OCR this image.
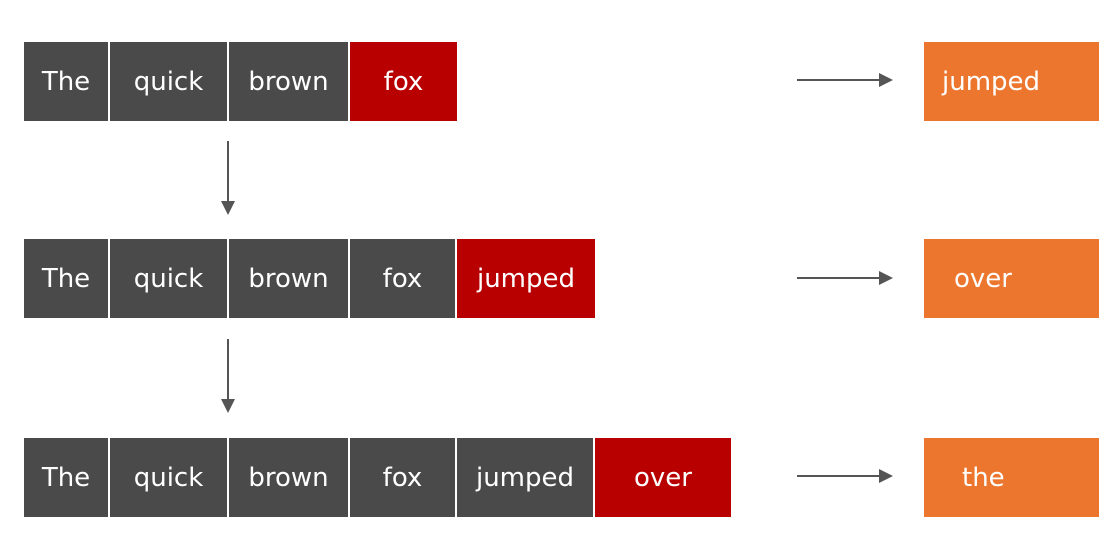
The	quick	brown	fox	jumped
The	quick	brown	fox	jumped	over
The	quick	brown	fox	jumped	over	the
